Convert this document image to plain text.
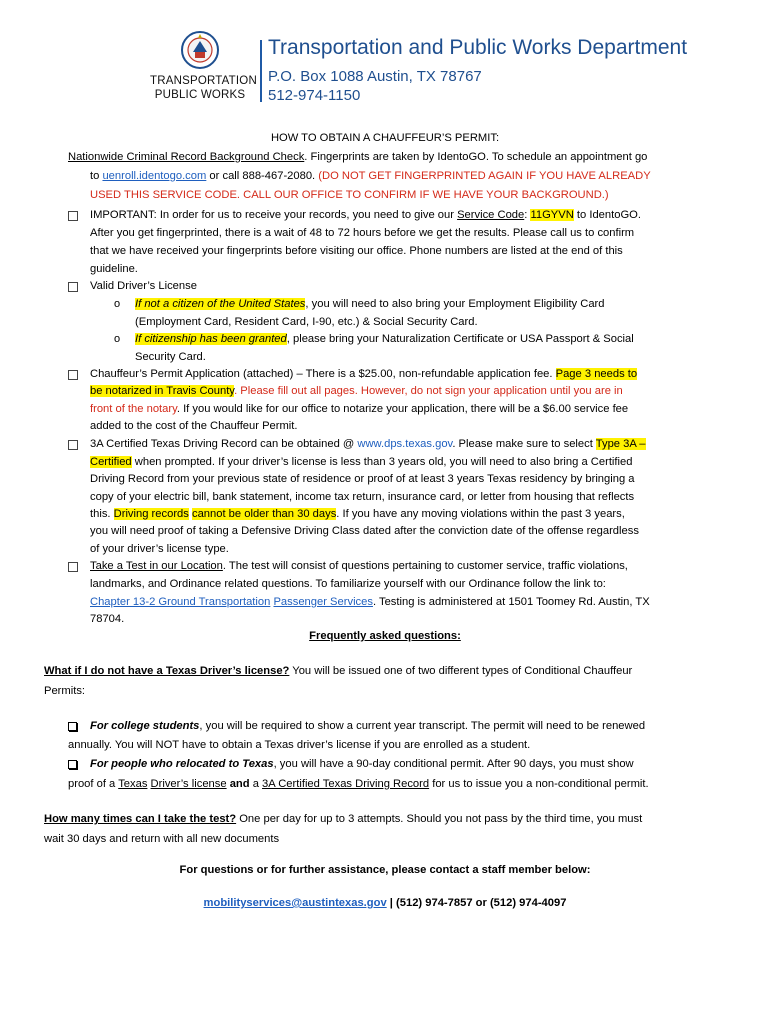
TRANSPORTATION
PUBLIC WORKS
Transportation and Public Works Department
P.O. Box 1088 Austin, TX 78767
512-974-1150
HOW TO OBTAIN A CHAUFFEUR’S PERMIT:
Nationwide Criminal Record Background Check. Fingerprints are taken by IdentoGO. To schedule an appointment go
to uenroll.identogo.com or call 888-467-2080. (DO NOT GET FINGERPRINTED AGAIN IF YOU HAVE ALREADY
USED THIS SERVICE CODE. CALL OUR OFFICE TO CONFIRM IF WE HAVE YOUR BACKGROUND.)
IMPORTANT: In order for us to receive your records, you need to give our Service Code: 11GYVN to IdentoGO.
After you get fingerprinted, there is a wait of 48 to 72 hours before we get the results. Please call us to confirm
that we have received your fingerprints before visiting our office. Phone numbers are listed at the end of this
guideline.
Valid Driver’s License
o If not a citizen of the United States, you will need to also bring your Employment Eligibility Card
(Employment Card, Resident Card, I-90, etc.) & Social Security Card.
o If citizenship has been granted, please bring your Naturalization Certificate or USA Passport & Social
Security Card.
Chauffeur’s Permit Application (attached) – There is a $25.00, non-refundable application fee. Page 3 needs to
be notarized in Travis County. Please fill out all pages. However, do not sign your application until you are in
front of the notary. If you would like for our office to notarize your application, there will be a $6.00 service fee
added to the cost of the Chauffeur Permit.
3A Certified Texas Driving Record can be obtained @ www.dps.texas.gov. Please make sure to select Type 3A –
Certified when prompted. If your driver’s license is less than 3 years old, you will need to also bring a Certified
Driving Record from your previous state of residence or proof of at least 3 years Texas residency by bringing a
copy of your electric bill, bank statement, income tax return, insurance card, or letter from housing that reflects
this. Driving records cannot be older than 30 days. If you have any moving violations within the past 3 years,
you will need proof of taking a Defensive Driving Class dated after the conviction date of the offense regardless
of your driver’s license type.
Take a Test in our Location. The test will consist of questions pertaining to customer service, traffic violations,
landmarks, and Ordinance related questions. To familiarize yourself with our Ordinance follow the link to:
Chapter 13-2 Ground Transportation Passenger Services. Testing is administered at 1501 Toomey Rd. Austin, TX
78704.
Frequently asked questions:
What if I do not have a Texas Driver’s license? You will be issued one of two different types of Conditional Chauffeur
Permits:
For college students, you will be required to show a current year transcript. The permit will need to be renewed
annually. You will NOT have to obtain a Texas driver’s license if you are enrolled as a student.
For people who relocated to Texas, you will have a 90-day conditional permit. After 90 days, you must show
proof of a Texas Driver’s license and a 3A Certified Texas Driving Record for us to issue you a non-conditional permit.
How many times can I take the test? One per day for up to 3 attempts. Should you not pass by the third time, you must
wait 30 days and return with all new documents
For questions or for further assistance, please contact a staff member below:
mobilityservices@austintexas.gov | (512) 974-7857 or (512) 974-4097
